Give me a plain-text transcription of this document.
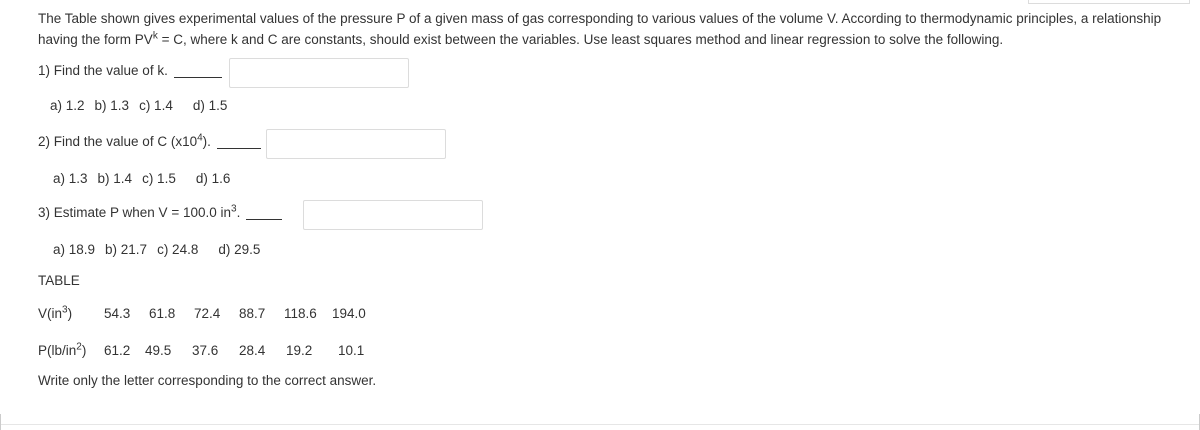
The Table shown gives experimental values of the pressure P of a given mass of gas corresponding to various values of the volume V. According to thermodynamic principles, a relationship
having the form $PV^k = C$, where k and C are constants, should exist between the variables. Use least squares method and linear regression to solve the following.
1) Find the value of k.
a) 1.2 b) 1.3 c) 1.4 d) 1.5
2) Find the value of C $(x10^4)$.
a) 1.3 b) 1.4 c) 1.5 d) 1.6
3) Estimate P when V = 100.0 $in^3$.
a) 18.9 b) 21.7 c) 24.8 d) 29.5
TABLE
$V(in^3)$ 54.3 61.8 72.4 88.7 118.6 194.0
$P(lb/in^2)$ 61.2 49.5 37.6 28.4 19.2 10.1
Write only the letter corresponding to the correct answer.
